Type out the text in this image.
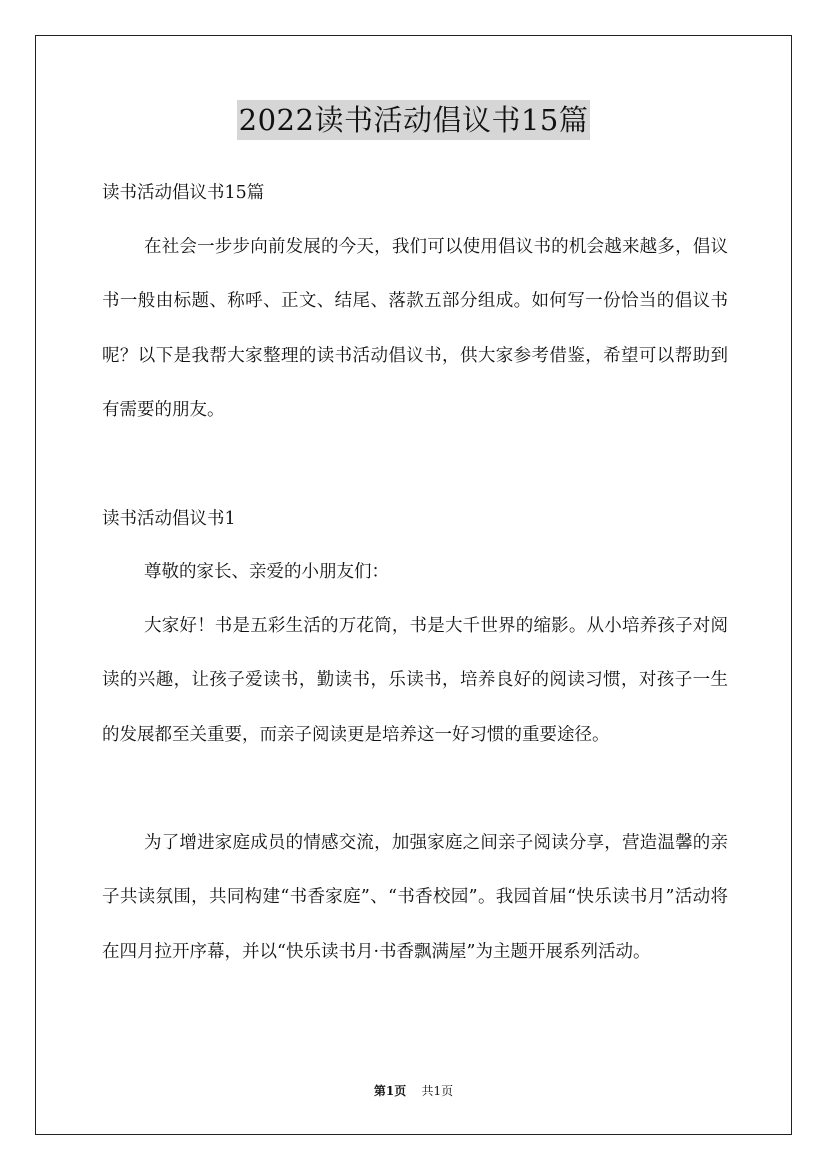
2022读书活动倡议书15篇
读书活动倡议书15篇

在社会一步步向前发展的今天，我们可以使用倡议书的机会越来越多，倡议书一般由标题、称呼、正文、结尾、落款五部分组成。如何写一份恰当的倡议书呢？以下是我帮大家整理的读书活动倡议书，供大家参考借鉴，希望可以帮助到有需要的朋友。

读书活动倡议书1

尊敬的家长、亲爱的小朋友们：

大家好！书是五彩生活的万花筒，书是大千世界的缩影。从小培养孩子对阅读的兴趣，让孩子爱读书，勤读书，乐读书，培养良好的阅读习惯，对孩子一生的发展都至关重要，而亲子阅读更是培养这一好习惯的重要途径。

为了增进家庭成员的情感交流，加强家庭之间亲子阅读分享，营造温馨的亲子共读氛围，共同构建“书香家庭”、“书香校园”。我园首届“快乐读书月”活动将在四月拉开序幕，并以“快乐读书月·书香飘满屋”为主题开展系列活动。

第1页 共1页
